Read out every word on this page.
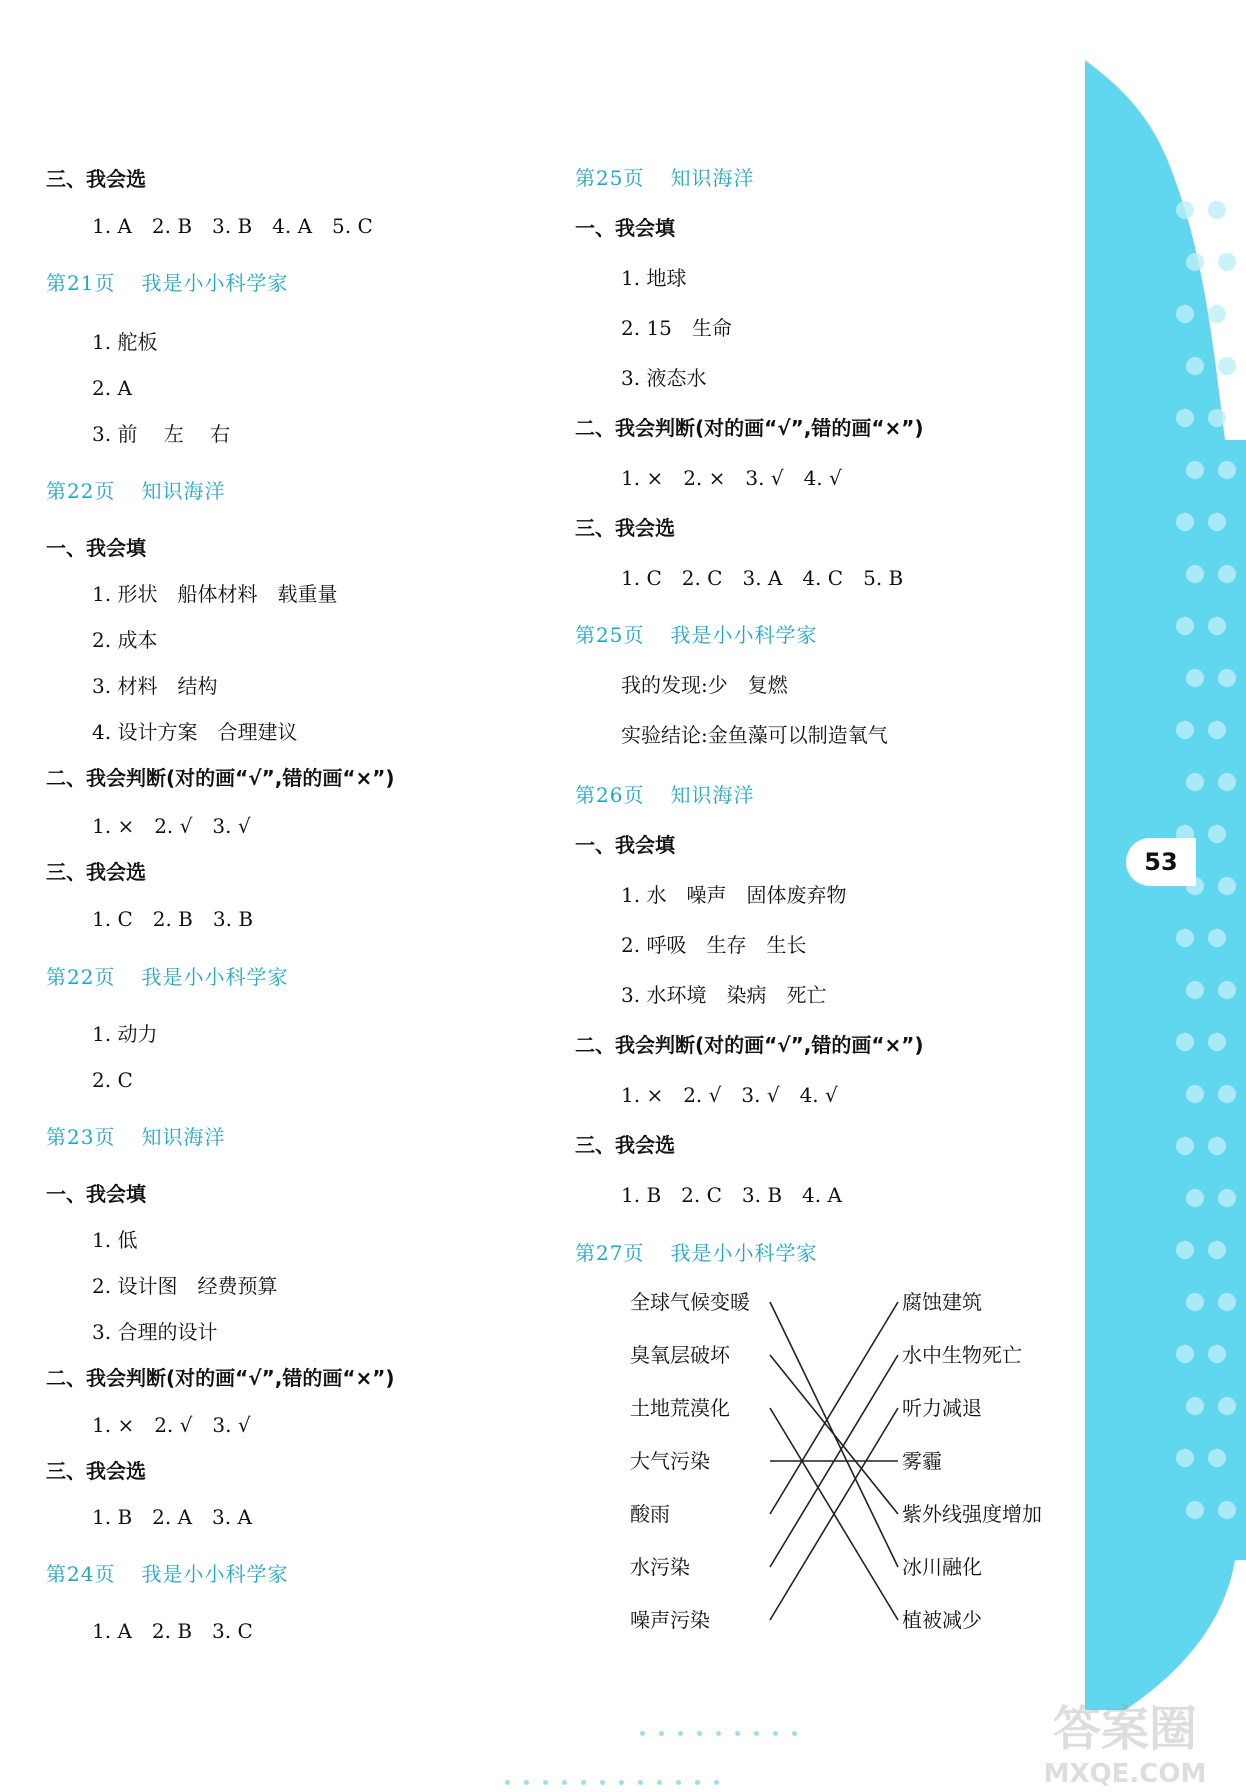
三、我会选
1. A　2. B　3. B　4. A　5. C
第21页 我是小小科学家
1. 舵板
2. A
3. 前　 左　 右
第22页 知识海洋
一、我会填
1. 形状　船体材料　载重量
2. 成本
3. 材料　结构
4. 设计方案　合理建议
二、我会判断(对的画“√”,错的画“×”)
1. ×　2. √　3. √
三、我会选
1. C　2. B　3. B
第22页 我是小小科学家
1. 动力
2. C
第23页 知识海洋
一、我会填
1. 低
2. 设计图　经费预算
3. 合理的设计
二、我会判断(对的画“√”,错的画“×”)
1. ×　2. √　3. √
三、我会选
1. B　2. A　3. A
第24页 我是小小科学家
1. A　2. B　3. C
第25页 知识海洋
一、我会填
1. 地球
2. 15　生命
3. 液态水
二、我会判断(对的画“√”,错的画“×”)
1. ×　2. ×　3. √　4. √
三、我会选
1. C　2. C　3. A　4. C　5. B
第25页 我是小小科学家
我的发现:少　复燃
实验结论:金鱼藻可以制造氧气
第26页 知识海洋
一、我会填
1. 水　噪声　固体废弃物
2. 呼吸　生存　生长
3. 水环境　染病　死亡
二、我会判断(对的画“√”,错的画“×”)
1. ×　2. √　3. √　4. √
三、我会选
1. B　2. C　3. B　4. A
第27页 我是小小科学家
全球气候变暖
臭氧层破坏
土地荒漠化
大气污染
酸雨
水污染
噪声污染
腐蚀建筑
水中生物死亡
听力减退
雾霾
紫外线强度增加
冰川融化
植被减少
53
答案圈
MXQE.COM
